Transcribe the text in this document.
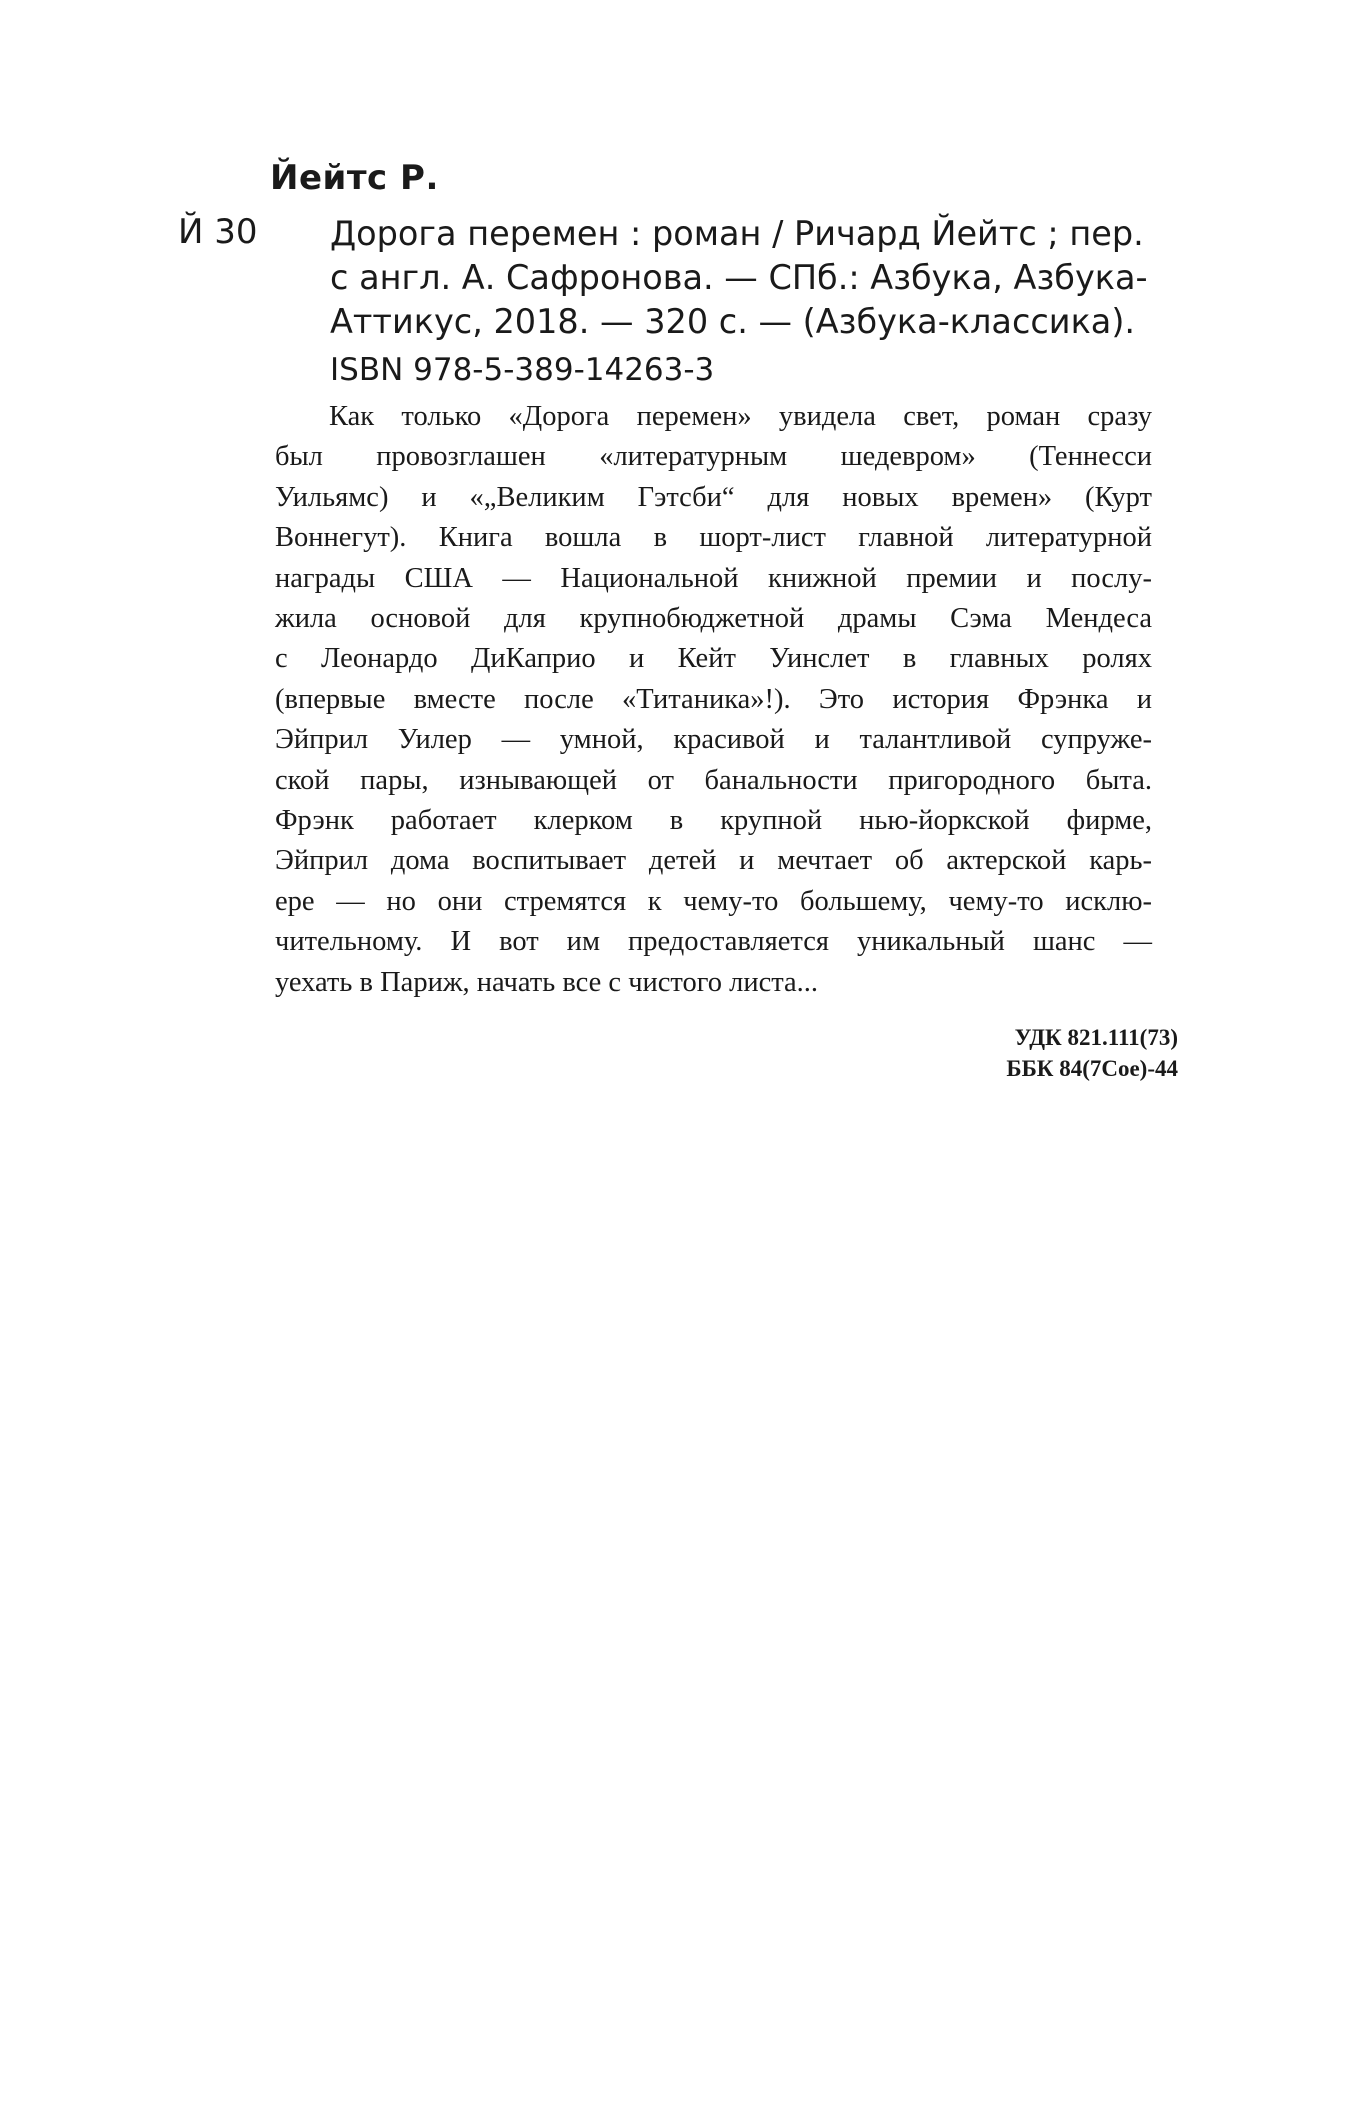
Йейтс Р.
Й 30 Дорога перемен : роман / Ричард Йейтс ; пер.
с англ. А. Сафронова. — СПб.: Азбука, Азбука-
Аттикус, 2018. — 320 с. — (Азбука-классика).
ISBN 978-5-389-14263-3
Как только «Дорога перемен» увидела свет, роман сразу
был провозглашен «литературным шедевром» (Теннесси
Уильямс) и «„Великим Гэтсби“ для новых времен» (Курт
Воннегут). Книга вошла в шорт-лист главной литературной
награды США — Национальной книжной премии и послу-
жила основой для крупнобюджетной драмы Сэма Мендеса
с Леонардо ДиКаприо и Кейт Уинслет в главных ролях
(впервые вместе после «Титаника»!). Это история Фрэнка и
Эйприл Уилер — умной, красивой и талантливой супруже-
ской пары, изнывающей от банальности пригородного быта.
Фрэнк работает клерком в крупной нью-йоркской фирме,
Эйприл дома воспитывает детей и мечтает об актерской карь-
ере — но они стремятся к чему-то большему, чему-то исклю-
чительному. И вот им предоставляется уникальный шанс —
уехать в Париж, начать все с чистого листа...
УДК 821.111(73)
ББК 84(7Сое)-44
